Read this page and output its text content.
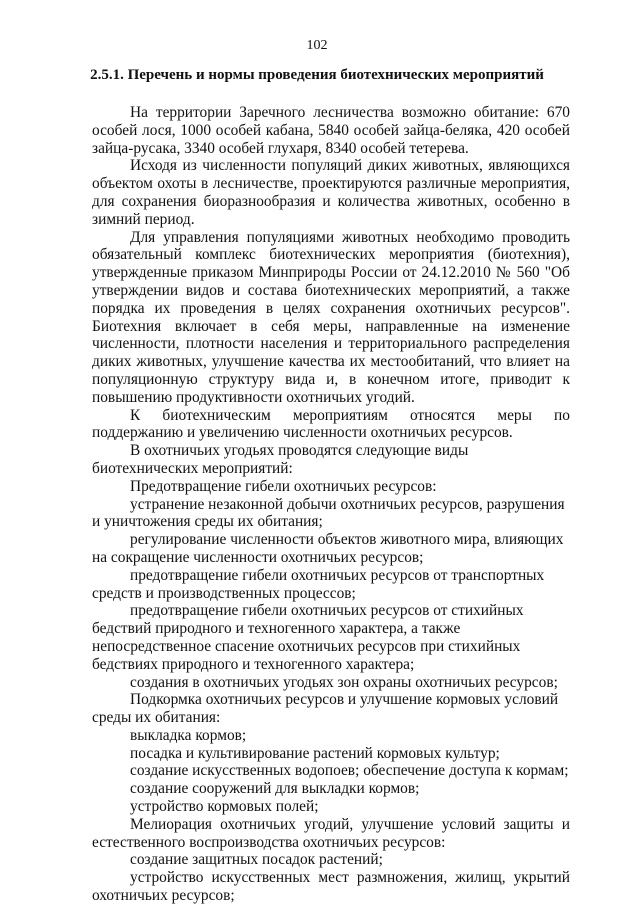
102
2.5.1. Перечень и нормы проведения биотехнических мероприятий

На территории Заречного лесничества возможно обитание: 670 особей лося, 1000 особей кабана, 5840 особей зайца-беляка, 420 особей зайца-русака, 3340 особей глухаря, 8340 особей тетерева.

Исходя из численности популяций диких животных, являющихся объектом охоты в лесничестве, проектируются различные мероприятия, для сохранения биоразнообразия и количества животных, особенно в зимний период.

Для управления популяциями животных необходимо проводить обязательный комплекс биотехнических мероприятия (биотехния), утвержденные приказом Минприроды России от 24.12.2010 № 560 "Об утверждении видов и состава биотехнических мероприятий, а также порядка их проведения в целях сохранения охотничьих ресурсов". Биотехния включает в себя меры, направленные на изменение численности, плотности населения и территориального распределения диких животных, улучшение качества их местообитаний, что влияет на популяционную структуру вида и, в конечном итоге, приводит к повышению продуктивности охотничьих угодий.

К биотехническим мероприятиям относятся меры по поддержанию и увеличению численности охотничьих ресурсов.

В охотничьих угодьях проводятся следующие виды биотехнических мероприятий:

Предотвращение гибели охотничьих ресурсов:

устранение незаконной добычи охотничьих ресурсов, разрушения и уничтожения среды их обитания;

регулирование численности объектов животного мира, влияющих на сокращение численности охотничьих ресурсов;

предотвращение гибели охотничьих ресурсов от транспортных средств и производственных процессов;

предотвращение гибели охотничьих ресурсов от стихийных бедствий природного и техногенного характера, а также непосредственное спасение охотничьих ресурсов при стихийных бедствиях природного и техногенного характера;

создания в охотничьих угодьях зон охраны охотничьих ресурсов;

Подкормка охотничьих ресурсов и улучшение кормовых условий среды их обитания:

выкладка кормов;

посадка и культивирование растений кормовых культур;

создание искусственных водопоев; обеспечение доступа к кормам;

создание сооружений для выкладки кормов;

устройство кормовых полей;

Мелиорация охотничьих угодий, улучшение условий защиты и естественного воспроизводства охотничьих ресурсов:

создание защитных посадок растений;

устройство искусственных мест размножения, жилищ, укрытий охотничьих ресурсов;
